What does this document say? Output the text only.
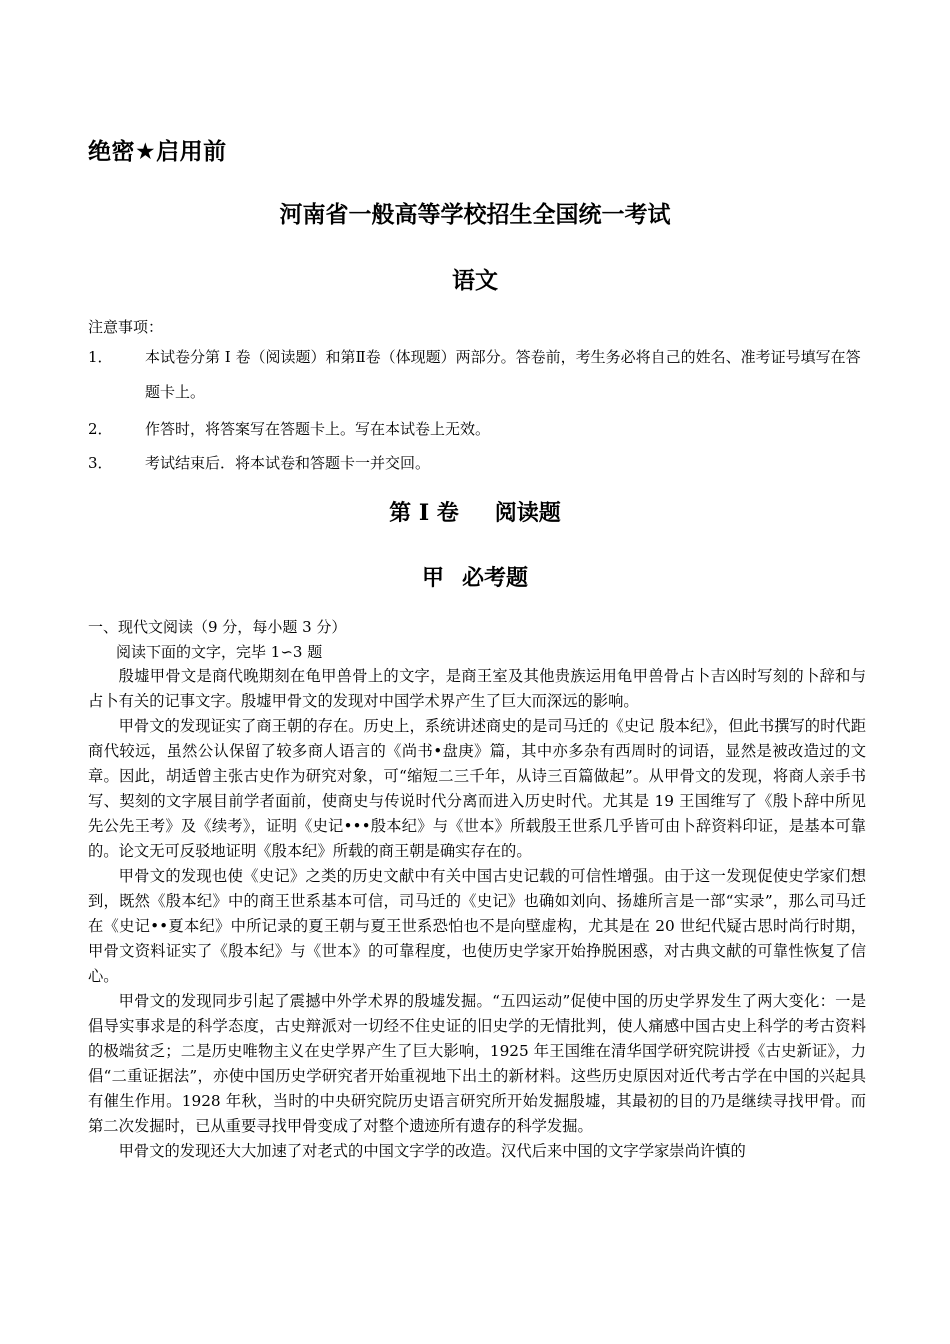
绝密★启用前
河南省一般高等学校招生全国统一考试
语文
注意事项：
1． 本试卷分第 I 卷（阅读题）和第Ⅱ卷（体现题）两部分。答卷前，考生务必将自己的姓名、准考证号填写在答题卡上。
2． 作答时，将答案写在答题卡上。写在本试卷上无效。
3． 考试结束后．将本试卷和答题卡一并交回。
第 I 卷 阅读题
甲 必考题
一、现代文阅读（9 分，每小题 3 分）
阅读下面的文字，完毕 1∽3 题

殷墟甲骨文是商代晚期刻在龟甲兽骨上的文字，是商王室及其他贵族运用龟甲兽骨占卜吉凶时写刻的卜辞和与占卜有关的记事文字。殷墟甲骨文的发现对中国学术界产生了巨大而深远的影响。

甲骨文的发现证实了商王朝的存在。历史上，系统讲述商史的是司马迁的《史记 殷本纪》，但此书撰写的时代距商代较远，虽然公认保留了较多商人语言的《尚书•盘庚》篇，其中亦多杂有西周时的词语，显然是被改造过的文章。因此，胡适曾主张古史作为研究对象，可“缩短二三千年，从诗三百篇做起”。从甲骨文的发现，将商人亲手书写、契刻的文字展目前学者面前，使商史与传说时代分离而进入历史时代。尤其是 19 王国维写了《殷卜辞中所见先公先王考》及《续考》，证明《史记•••殷本纪》与《世本》所载殷王世系几乎皆可由卜辞资料印证，是基本可靠的。论文无可反驳地证明《殷本纪》所载的商王朝是确实存在的。

甲骨文的发现也使《史记》之类的历史文献中有关中国古史记载的可信性增强。由于这一发现促使史学家们想到，既然《殷本纪》中的商王世系基本可信，司马迁的《史记》也确如刘向、扬雄所言是一部“实录”，那么司马迁在《史记••夏本纪》中所记录的夏王朝与夏王世系恐怕也不是向壁虚构，尤其是在 20 世纪代疑古思时尚行时期，甲骨文资料证实了《殷本纪》与《世本》的可靠程度，也使历史学家开始挣脱困惑，对古典文献的可靠性恢复了信心。

甲骨文的发现同步引起了震撼中外学术界的殷墟发掘。“五四运动”促使中国的历史学界发生了两大变化：一是倡导实事求是的科学态度，古史辩派对一切经不住史证的旧史学的无情批判，使人痛感中国古史上科学的考古资料的极端贫乏；二是历史唯物主义在史学界产生了巨大影响，1925 年王国维在清华国学研究院讲授《古史新证》，力倡“二重证据法”，亦使中国历史学研究者开始重视地下出土的新材料。这些历史原因对近代考古学在中国的兴起具有催生作用。1928 年秋，当时的中央研究院历史语言研究所开始发掘殷墟，其最初的目的乃是继续寻找甲骨。而第二次发掘时，已从重要寻找甲骨变成了对整个遗迹所有遗存的科学发掘。

甲骨文的发现还大大加速了对老式的中国文字学的改造。汉代后来中国的文字学家崇尚许慎的
